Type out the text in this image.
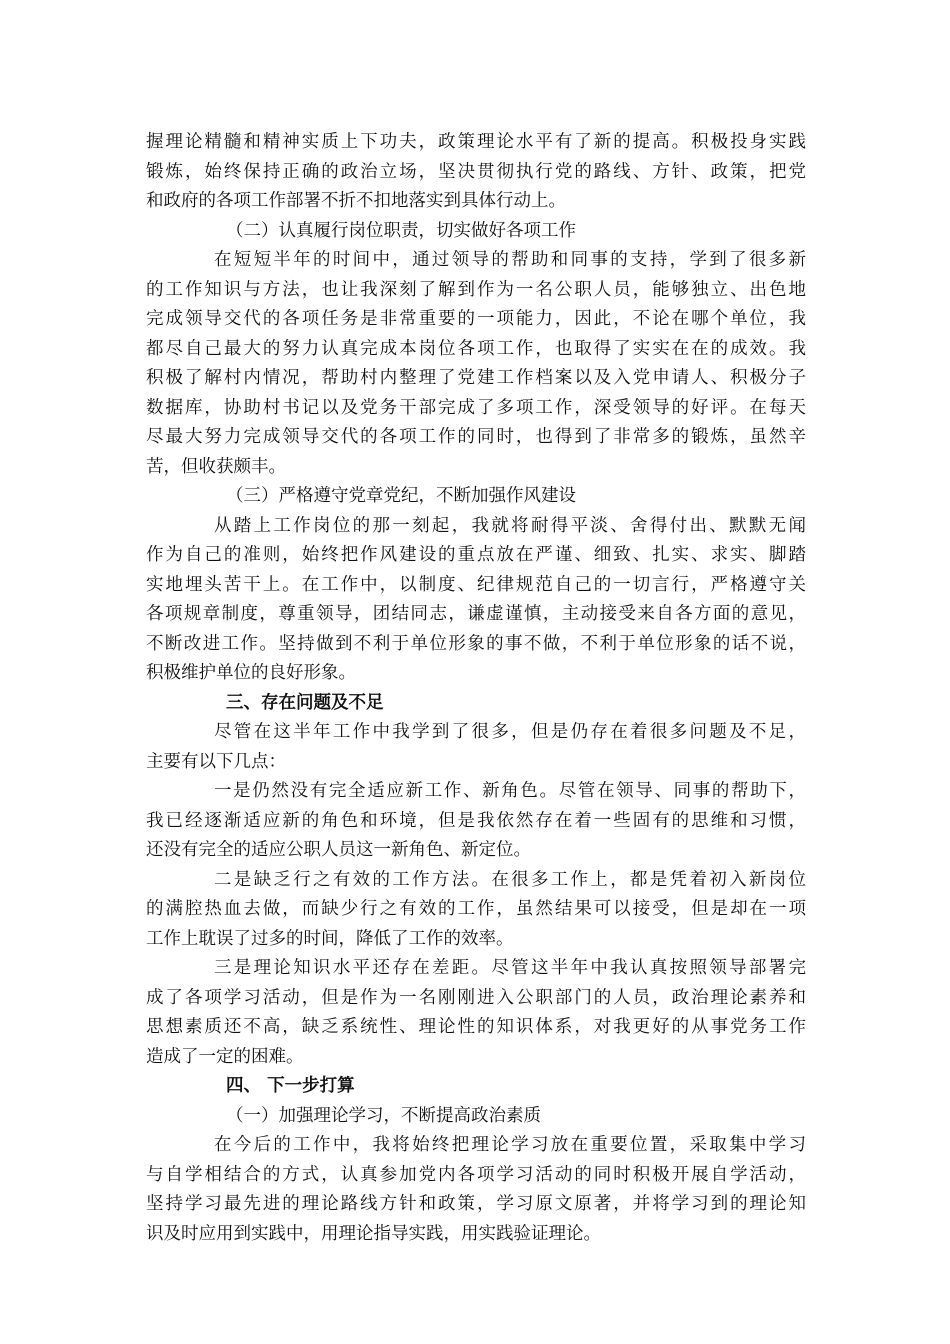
握理论精髓和精神实质上下功夫，政策理论水平有了新的提高。积极投身实践
锻炼，始终保持正确的政治立场，坚决贯彻执行党的路线、方针、政策，把党
和政府的各项工作部署不折不扣地落实到具体行动上。
（二）认真履行岗位职责，切实做好各项工作
在短短半年的时间中，通过领导的帮助和同事的支持，学到了很多新
的工作知识与方法，也让我深刻了解到作为一名公职人员，能够独立、出色地
完成领导交代的各项任务是非常重要的一项能力，因此，不论在哪个单位，我
都尽自己最大的努力认真完成本岗位各项工作，也取得了实实在在的成效。我
积极了解村内情况，帮助村内整理了党建工作档案以及入党申请人、积极分子
数据库，协助村书记以及党务干部完成了多项工作，深受领导的好评。在每天
尽最大努力完成领导交代的各项工作的同时，也得到了非常多的锻炼，虽然辛
苦，但收获颇丰。
（三）严格遵守党章党纪，不断加强作风建设
从踏上工作岗位的那一刻起，我就将耐得平淡、舍得付出、默默无闻
作为自己的准则，始终把作风建设的重点放在严谨、细致、扎实、求实、脚踏
实地埋头苦干上。在工作中，以制度、纪律规范自己的一切言行，严格遵守关
各项规章制度，尊重领导，团结同志，谦虚谨慎，主动接受来自各方面的意见，
不断改进工作。坚持做到不利于单位形象的事不做，不利于单位形象的话不说，
积极维护单位的良好形象。
三、存在问题及不足
尽管在这半年工作中我学到了很多，但是仍存在着很多问题及不足，
主要有以下几点：
一是仍然没有完全适应新工作、新角色。尽管在领导、同事的帮助下，
我已经逐渐适应新的角色和环境，但是我依然存在着一些固有的思维和习惯，
还没有完全的适应公职人员这一新角色、新定位。
二是缺乏行之有效的工作方法。在很多工作上，都是凭着初入新岗位
的满腔热血去做，而缺少行之有效的工作，虽然结果可以接受，但是却在一项
工作上耽误了过多的时间，降低了工作的效率。
三是理论知识水平还存在差距。尽管这半年中我认真按照领导部署完
成了各项学习活动，但是作为一名刚刚进入公职部门的人员，政治理论素养和
思想素质还不高，缺乏系统性、理论性的知识体系，对我更好的从事党务工作
造成了一定的困难。
四、 下一步打算
（一）加强理论学习，不断提高政治素质
在今后的工作中，我将始终把理论学习放在重要位置，采取集中学习
与自学相结合的方式，认真参加党内各项学习活动的同时积极开展自学活动，
坚持学习最先进的理论路线方针和政策，学习原文原著，并将学习到的理论知
识及时应用到实践中，用理论指导实践，用实践验证理论。
